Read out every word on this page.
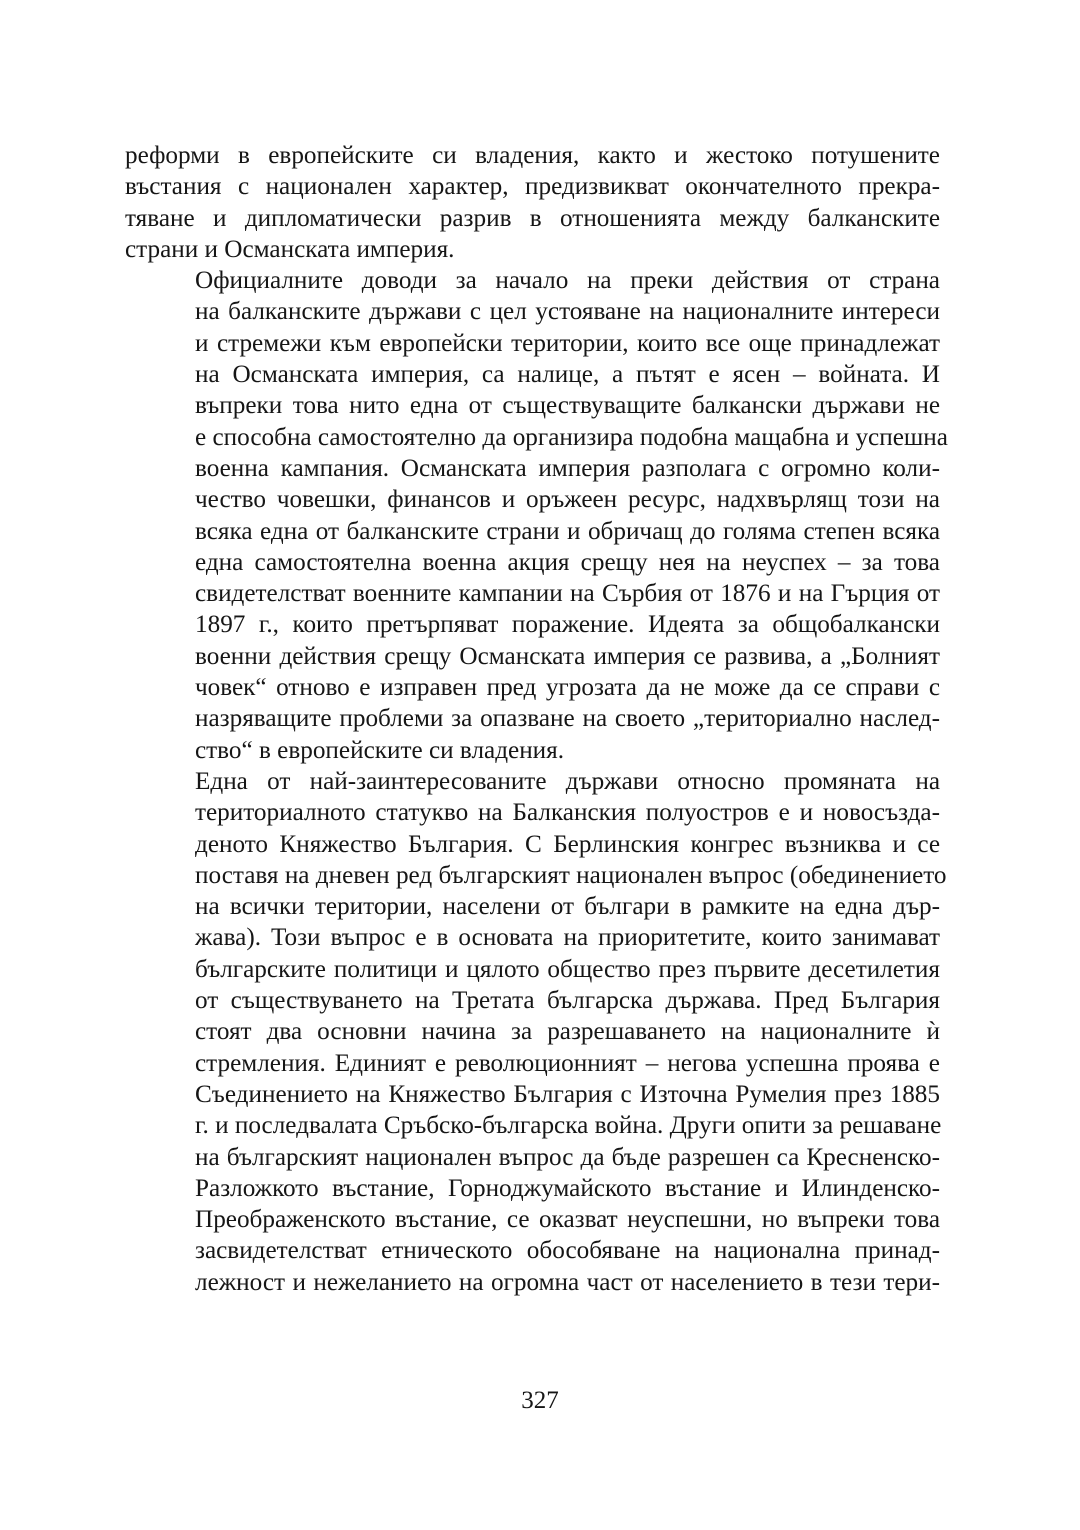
реформи в европейските си владения, както и жестоко потушените
въстания с национален характер, предизвикват окончателното прекра-
тяване и дипломатически разрив в отношенията между балканските
страни и Османската империя.

Официалните доводи за начало на преки действия от страна
на балканските държави с цел устояване на националните интереси
и стремежи към европейски територии, които все още принадлежат
на Османската империя, са налице, а пътят е ясен – войната. И
въпреки това нито една от съществуващите балкански държави не
е способна самостоятелно да организира подобна мащабна и успешна
военна кампания. Османската империя разполага с огромно коли-
чество човешки, финансов и оръжеен ресурс, надхвърлящ този на
всяка една от балканските страни и обричащ до голяма степен всяка
една самостоятелна военна акция срещу нея на неуспех – за това
свидетелстват военните кампании на Сърбия от 1876 и на Гърция от
1897 г., които претърпяват поражение. Идеята за общобалкански
военни действия срещу Османската империя се развива, а „Болният
човек“ отново е изправен пред угрозата да не може да се справи с
назряващите проблеми за опазване на своето „териториално наслед-
ство“ в европейските си владения.

Една от най-заинтересованите държави относно промяната на
териториалното статукво на Балканския полуостров е и новосъзда-
деното Княжество България. С Берлинския конгрес възниква и се
поставя на дневен ред българският национален въпрос (обединението
на всички територии, населени от българи в рамките на една дър-
жава). Този въпрос е в основата на приоритетите, които занимават
българските политици и цялото общество през първите десетилетия
от съществуването на Третата българска държава. Пред България
стоят два основни начина за разрешаването на националните ѝ
стремления. Единият е революционният – негова успешна проява е
Съединението на Княжество България с Източна Румелия през 1885
г. и последвалата Сръбско-българска война. Други опити за решаване
на българският национален въпрос да бъде разрешен са Кресненско-
Разложкото въстание, Горноджумайското въстание и Илинденско-
Преображенското въстание, се оказват неуспешни, но въпреки това
засвидетелстват етническото обособяване на национална принад-
лежност и нежеланието на огромна част от населението в тези тери-

327
